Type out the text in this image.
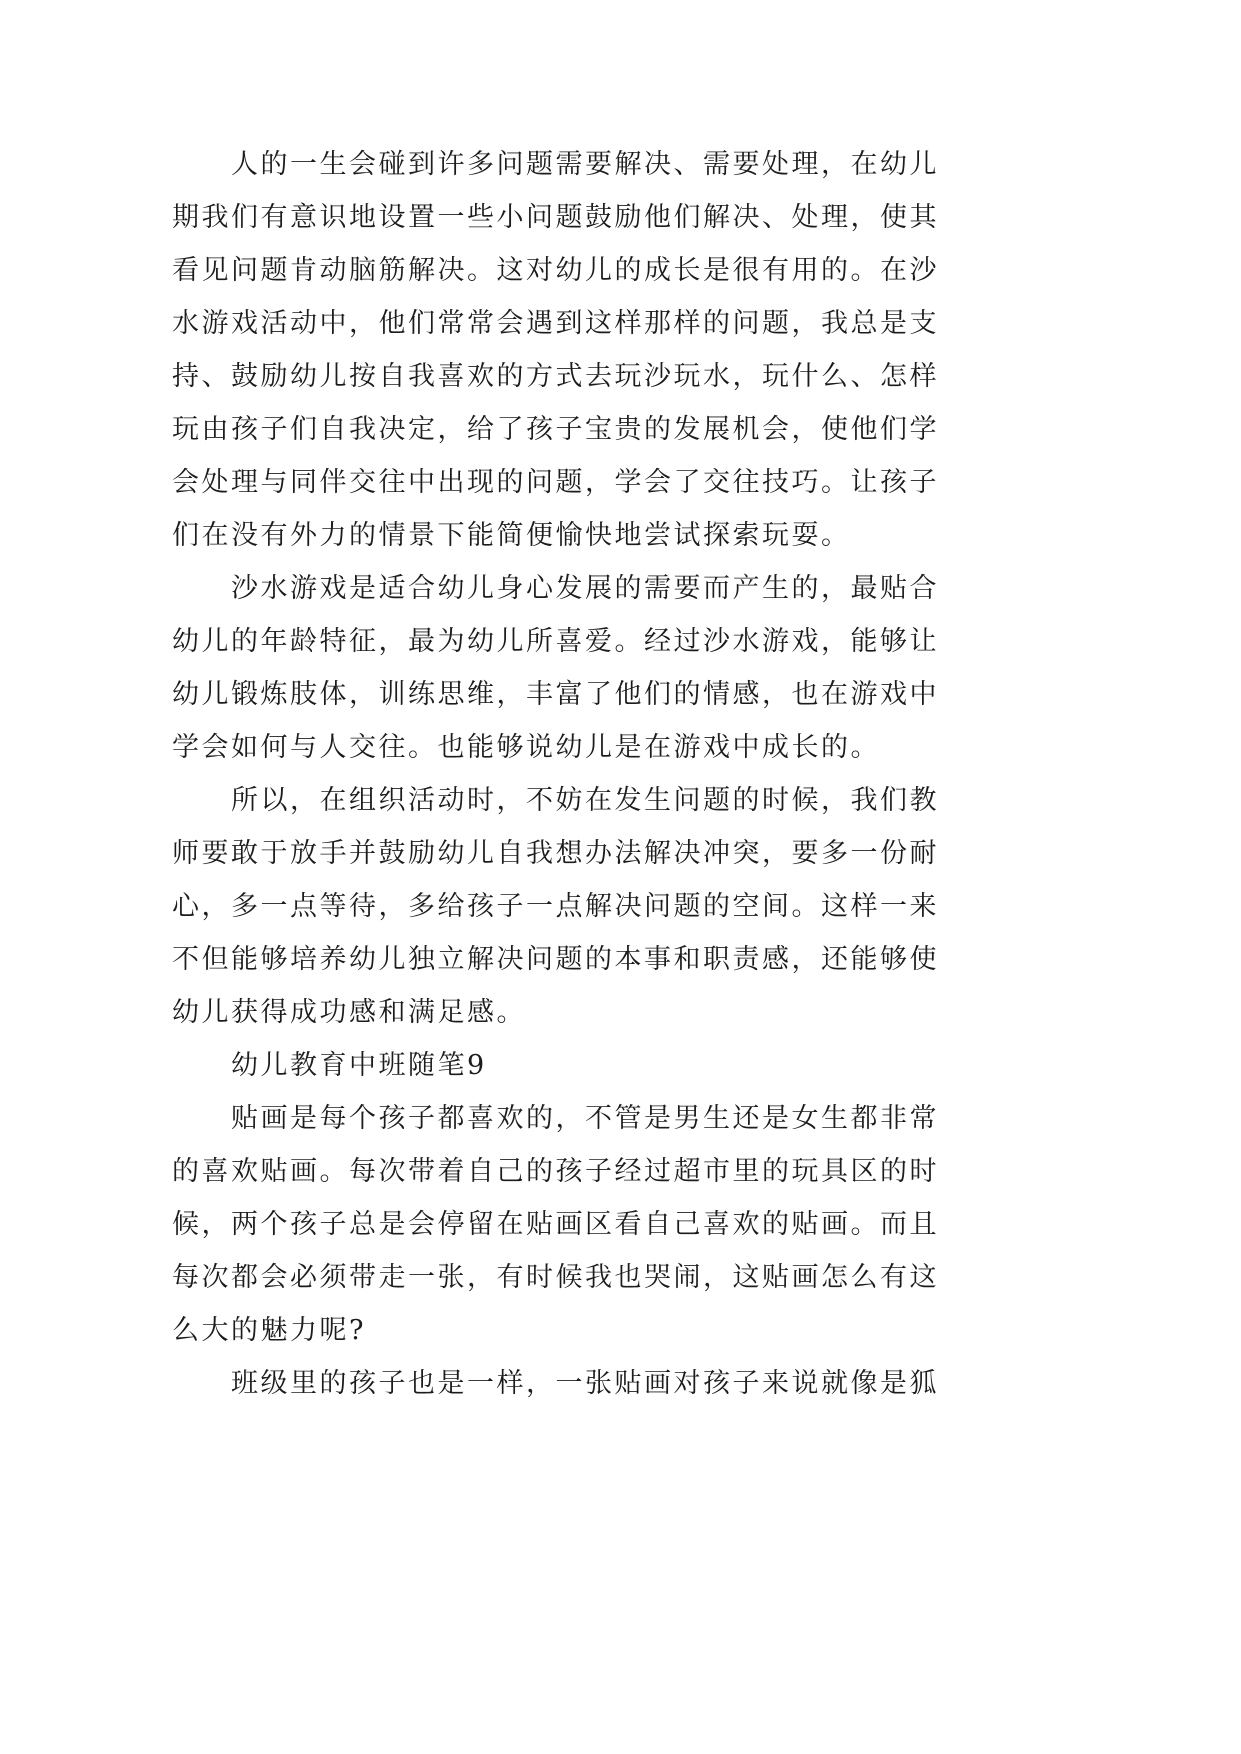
人的一生会碰到许多问题需要解决、需要处理，在幼儿
期我们有意识地设置一些小问题鼓励他们解决、处理，使其
看见问题肯动脑筋解决。这对幼儿的成长是很有用的。在沙
水游戏活动中，他们常常会遇到这样那样的问题，我总是支
持、鼓励幼儿按自我喜欢的方式去玩沙玩水，玩什么、怎样
玩由孩子们自我决定，给了孩子宝贵的发展机会，使他们学
会处理与同伴交往中出现的问题，学会了交往技巧。让孩子
们在没有外力的情景下能简便愉快地尝试探索玩耍。
沙水游戏是适合幼儿身心发展的需要而产生的，最贴合
幼儿的年龄特征，最为幼儿所喜爱。经过沙水游戏，能够让
幼儿锻炼肢体，训练思维，丰富了他们的情感，也在游戏中
学会如何与人交往。也能够说幼儿是在游戏中成长的。
所以，在组织活动时，不妨在发生问题的时候，我们教
师要敢于放手并鼓励幼儿自我想办法解决冲突，要多一份耐
心，多一点等待，多给孩子一点解决问题的空间。这样一来
不但能够培养幼儿独立解决问题的本事和职责感，还能够使
幼儿获得成功感和满足感。
幼儿教育中班随笔9
贴画是每个孩子都喜欢的，不管是男生还是女生都非常
的喜欢贴画。每次带着自己的孩子经过超市里的玩具区的时
候，两个孩子总是会停留在贴画区看自己喜欢的贴画。而且
每次都会必须带走一张，有时候我也哭闹，这贴画怎么有这
么大的魅力呢?
班级里的孩子也是一样，一张贴画对孩子来说就像是狐
